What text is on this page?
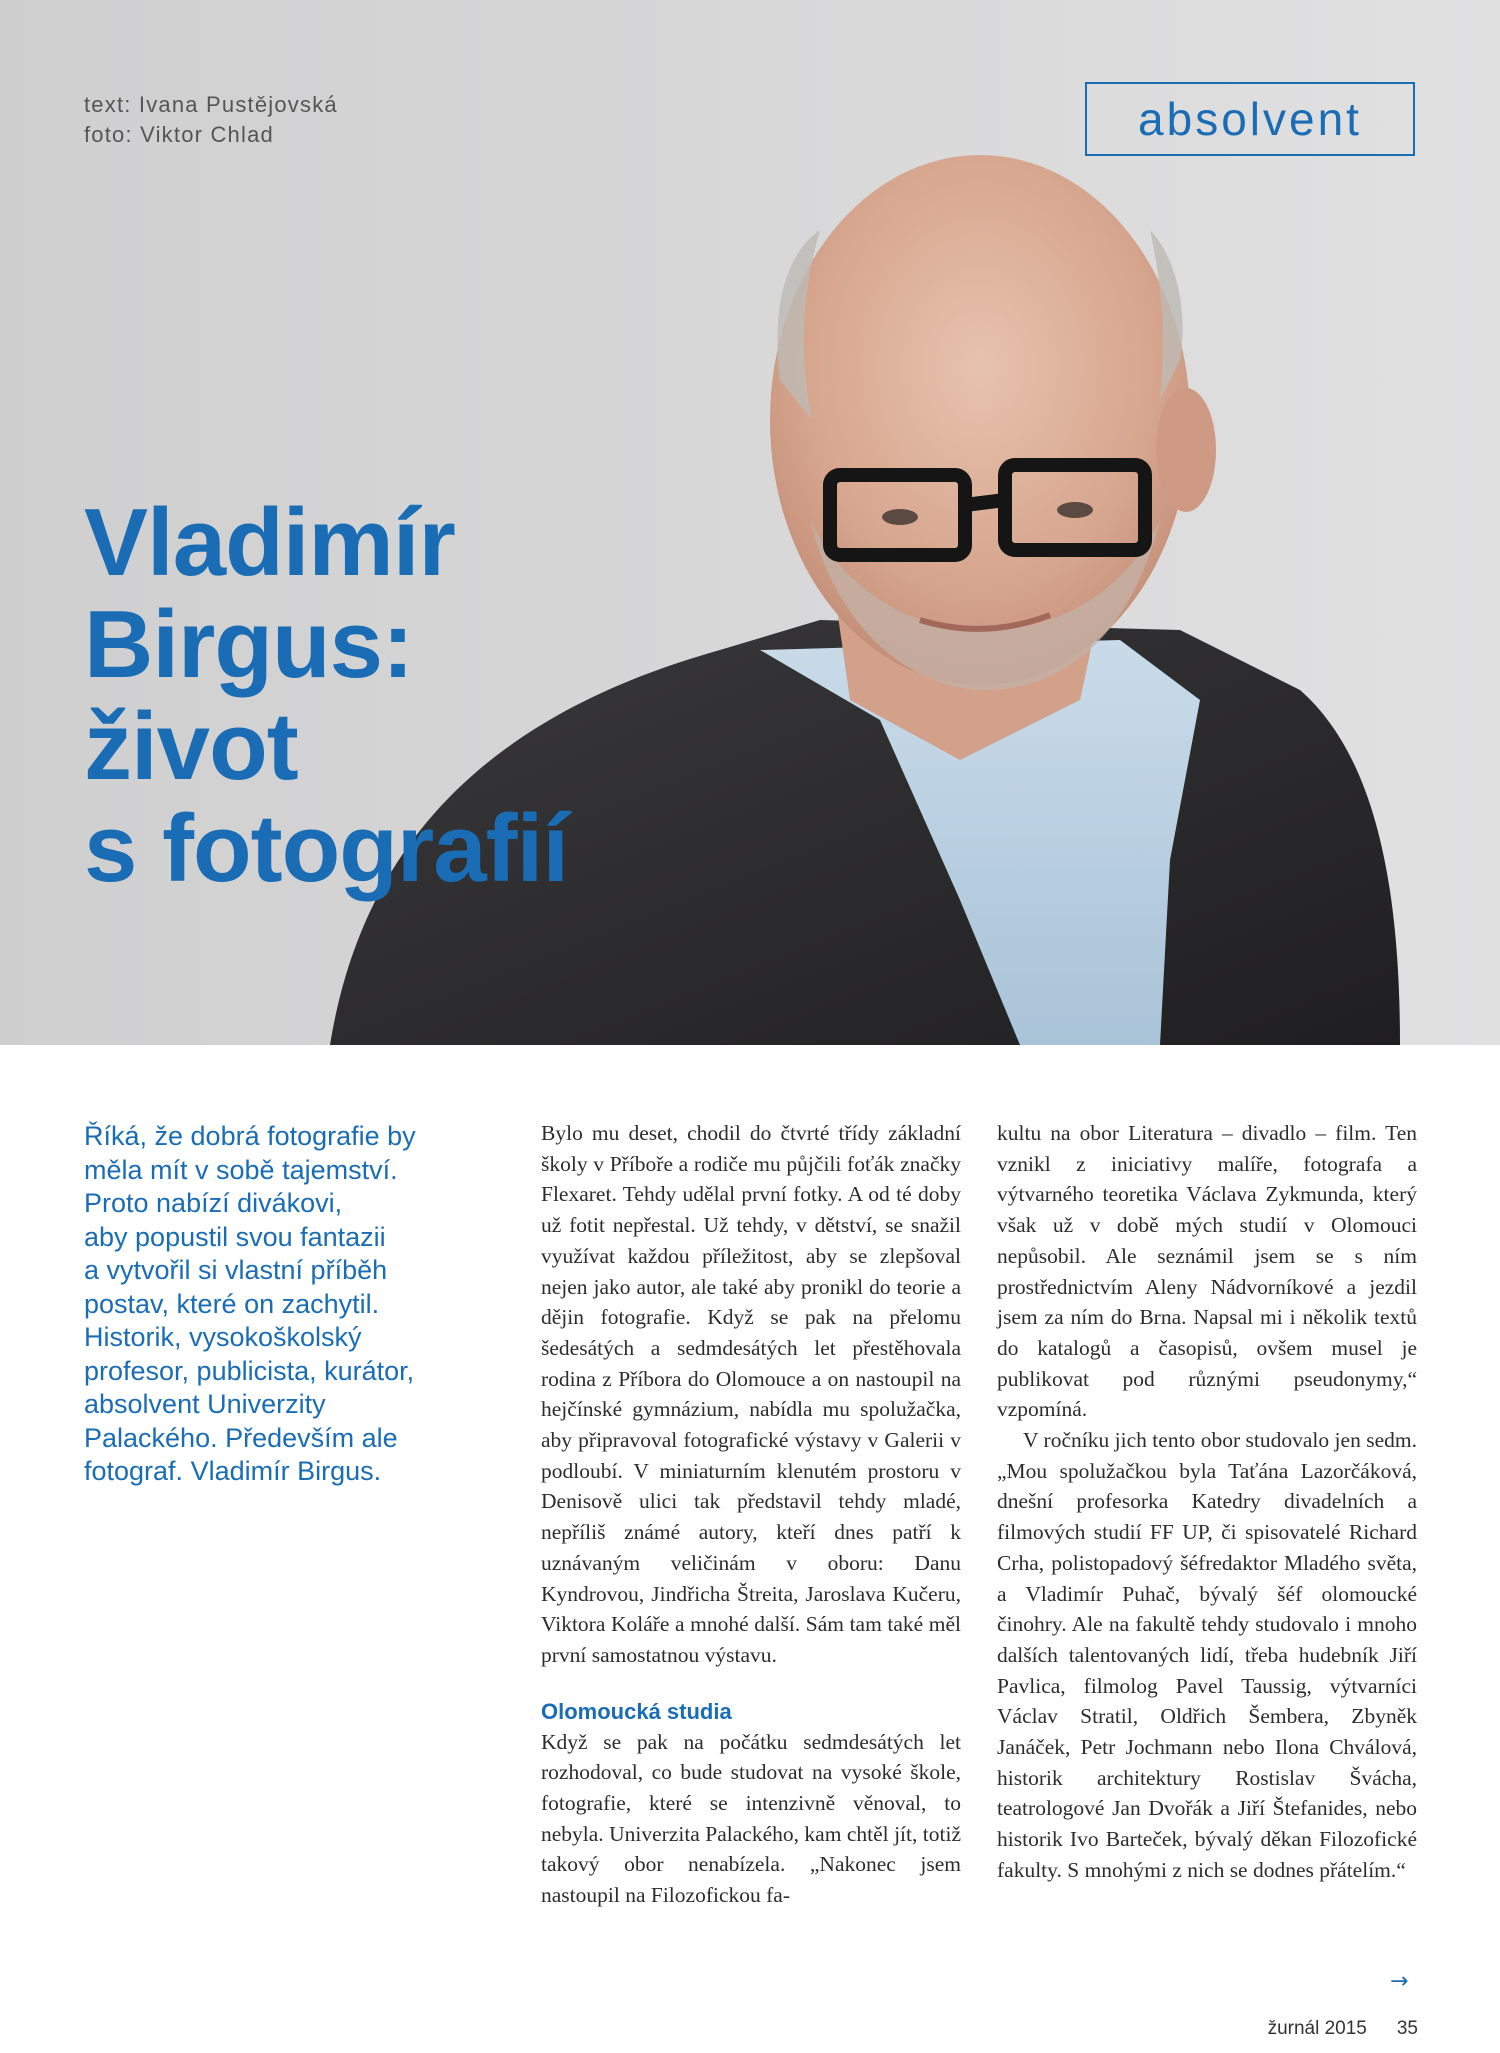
text: Ivana Pustějovská
foto: Viktor Chlad	absolvent
Vladimír
Birgus:
život
s fotografií
Říká, že dobrá fotografie by
měla mít v sobě tajemství.
Proto nabízí divákovi,
aby popustil svou fantazii
a vytvořil si vlastní příběh
postav, které on zachytil.
Historik, vysokoškolský
profesor, publicista, kurátor,
absolvent Univerzity
Palackého. Především ale
fotograf. Vladimír Birgus.

Bylo mu deset, chodil do čtvrté třídy základní školy v Příboře a rodiče mu půjčili foťák značky Flexaret. Tehdy udělal první fotky. A od té doby už fotit nepřestal. Už tehdy, v dětství, se snažil využívat každou příležitost, aby se zlepšoval nejen jako autor, ale také aby pronikl do teorie a dějin fotografie. Když se pak na přelomu šedesátých a sedmdesátých let přestěhovala rodina z Příbora do Olomouce a on nastoupil na hejčínské gymnázium, nabídla mu spolužačka, aby připravoval fotografické výstavy v Galerii v podloubí. V miniaturním klenutém prostoru v Denisově ulici tak představil tehdy mladé, nepříliš známé autory, kteří dnes patří k uznávaným veličinám v oboru: Danu Kyndrovou, Jindřicha Štreita, Jaroslava Kučeru, Viktora Koláře a mnohé další. Sám tam také měl první samostatnou výstavu.

Olomoucká studia

Když se pak na počátku sedmdesátých let rozhodoval, co bude studovat na vysoké škole, fotografie, které se intenzivně věnoval, to nebyla. Univerzita Palackého, kam chtěl jít, totiž takový obor nenabízela. „Nakonec jsem nastoupil na Filozofickou fa-

kultu na obor Literatura – divadlo – film. Ten vznikl z iniciativy malíře, fotografa a výtvarného teoretika Václava Zykmunda, který však už v době mých studií v Olomouci nepůsobil. Ale seznámil jsem se s ním prostřednictvím Aleny Nádvorníkové a jezdil jsem za ním do Brna. Napsal mi i několik textů do katalogů a časopisů, ovšem musel je publikovat pod různými pseudonymy,“ vzpomíná.

V ročníku jich tento obor studovalo jen sedm. „Mou spolužačkou byla Taťána Lazorčáková, dnešní profesorka Katedry divadelních a filmových studií FF UP, či spisovatelé Richard Crha, polistopadový šéfredaktor Mladého světa, a Vladimír Puhač, bývalý šéf olomoucké činohry. Ale na fakultě tehdy studovalo i mnoho dalších talentovaných lidí, třeba hudebník Jiří Pavlica, filmolog Pavel Taussig, výtvarníci Václav Stratil, Oldřich Šembera, Zbyněk Janáček, Petr Jochmann nebo Ilona Chválová, historik architektury Rostislav Švácha, teatrologové Jan Dvořák a Jiří Štefanides, nebo historik Ivo Barteček, bývalý děkan Filozofické fakulty. S mnohými z nich se dodnes přátelím.“

→
žurnál 2015 35
